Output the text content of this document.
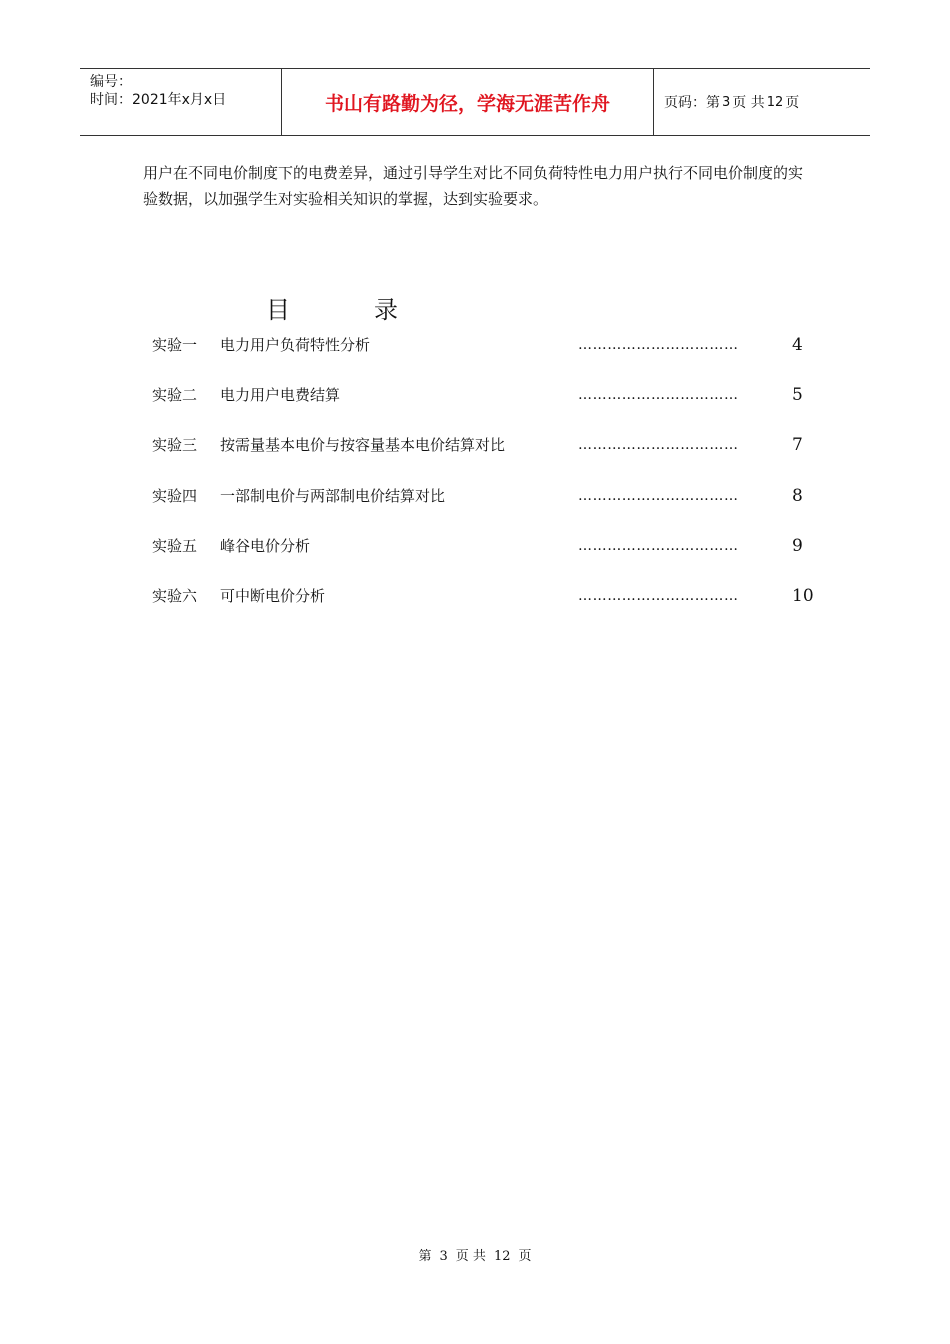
编号：
时间：2021年x月x日	书山有路勤为径，学海无涯苦作舟	页码：第 3 页 共 12 页

用户在不同电价制度下的电费差异，通过引导学生对比不同负荷特性电力用户执行不同电价制度的实验数据，以加强学生对实验相关知识的掌握，达到实验要求。

目	录
实验一 电力用户负荷特性分析	……………………………	4
实验二 电力用户电费结算	……………………………	5
实验三 按需量基本电价与按容量基本电价结算对比	……………………………	7
实验四 一部制电价与两部制电价结算对比	……………………………	8
实验五 峰谷电价分析	……………………………	9
实验六 可中断电价分析	……………………………	10
第 3 页 共 12 页
